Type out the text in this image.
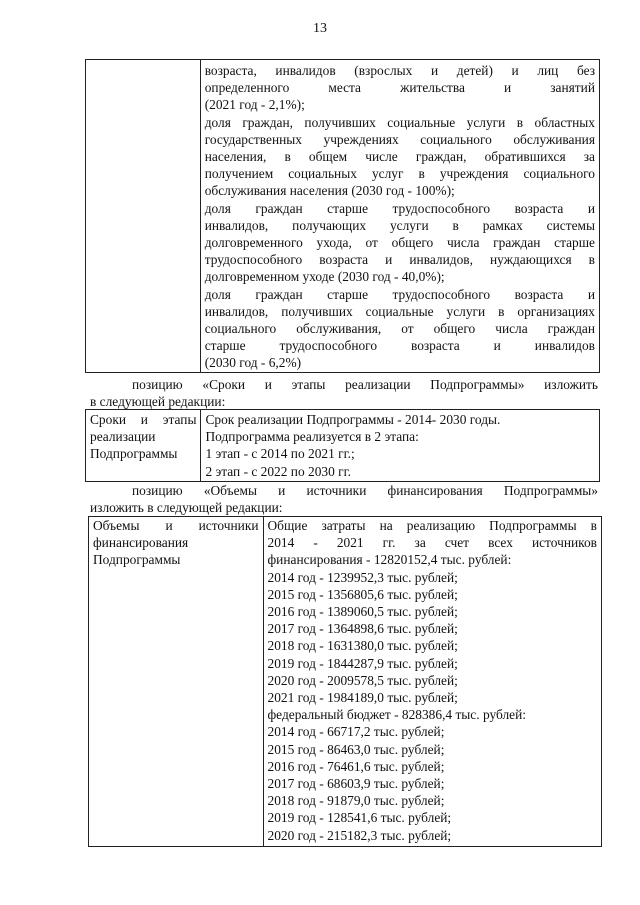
13

возраста, инвалидов (взрослых и детей) и лиц без
определенного места жительства и занятий
(2021 год - 2,1%);
доля граждан, получивших социальные услуги в областных
государственных учреждениях социального обслуживания
населения, в общем числе граждан, обратившихся за
получением социальных услуг в учреждения социального
обслуживания населения (2030 год - 100%);
доля граждан старше трудоспособного возраста и
инвалидов, получающих услуги в рамках системы
долговременного ухода, от общего числа граждан старше
трудоспособного возраста и инвалидов, нуждающихся в
долговременном уходе (2030 год - 40,0%);
доля граждан старше трудоспособного возраста и
инвалидов, получивших социальные услуги в организациях
социального обслуживания, от общего числа граждан
старше трудоспособного возраста и инвалидов
(2030 год - 6,2%)
позицию «Сроки и этапы реализации Подпрограммы» изложить
в следующей редакции:
Сроки и этапы
реализации
Подпрограммы

Срок реализации Подпрограммы - 2014- 2030 годы.
Подпрограмма реализуется в 2 этапа:
1 этап - с 2014 по 2021 гг.;
2 этап - с 2022 по 2030 гг.
позицию «Объемы и источники финансирования Подпрограммы»
изложить в следующей редакции:
Объемы и источники
финансирования
Подпрограммы

Общие затраты на реализацию Подпрограммы в
2014 - 2021 гг. за счет всех источников
финансирования - 12820152,4 тыс. рублей:
2014 год - 1239952,3 тыс. рублей;
2015 год - 1356805,6 тыс. рублей;
2016 год - 1389060,5 тыс. рублей;
2017 год - 1364898,6 тыс. рублей;
2018 год - 1631380,0 тыс. рублей;
2019 год - 1844287,9 тыс. рублей;
2020 год - 2009578,5 тыс. рублей;
2021 год - 1984189,0 тыс. рублей;
федеральный бюджет - 828386,4 тыс. рублей:
2014 год - 66717,2 тыс. рублей;
2015 год - 86463,0 тыс. рублей;
2016 год - 76461,6 тыс. рублей;
2017 год - 68603,9 тыс. рублей;
2018 год - 91879,0 тыс. рублей;
2019 год - 128541,6 тыс. рублей;
2020 год - 215182,3 тыс. рублей;
